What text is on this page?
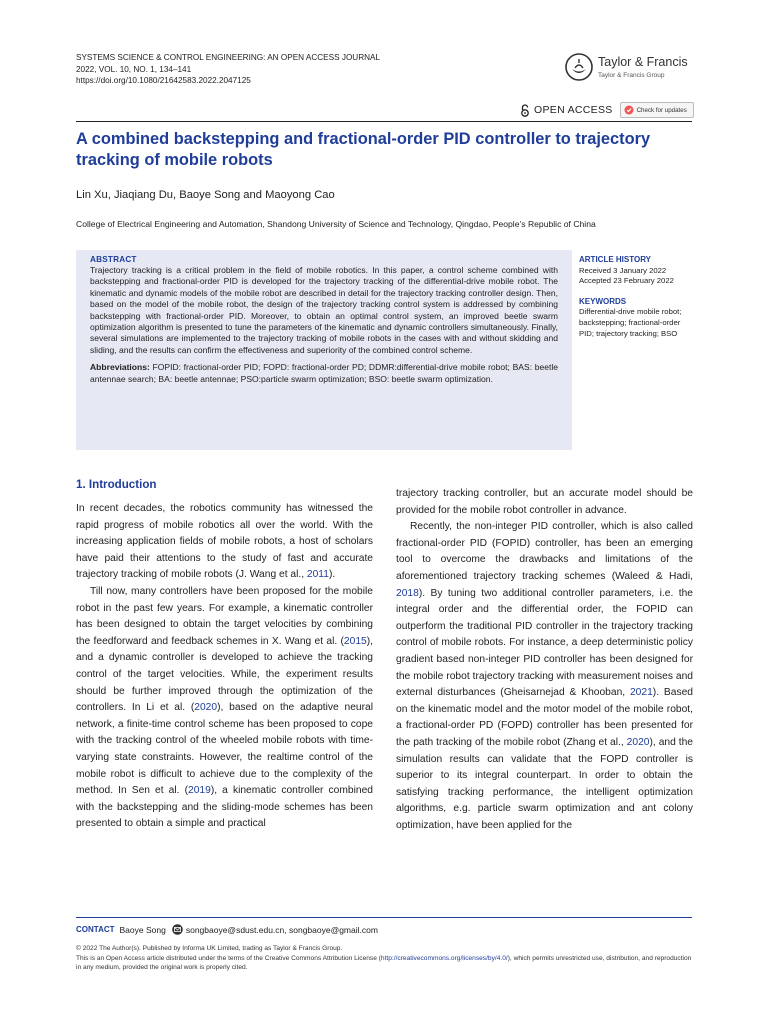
SYSTEMS SCIENCE & CONTROL ENGINEERING: AN OPEN ACCESS JOURNAL
2022, VOL. 10, NO. 1, 134–141
https://doi.org/10.1080/21642583.2022.2047125
Taylor & Francis
Taylor & Francis Group
OPEN ACCESS	Check for updates
A combined backstepping and fractional-order PID controller to trajectory tracking of mobile robots
Lin Xu, Jiaqiang Du, Baoye Song and Maoyong Cao
College of Electrical Engineering and Automation, Shandong University of Science and Technology, Qingdao, People’s Republic of China
ABSTRACT

Trajectory tracking is a critical problem in the field of mobile robotics. In this paper, a control scheme combined with backstepping and fractional-order PID is developed for the trajectory tracking of the differential-drive mobile robot. The kinematic and dynamic models of the mobile robot are described in detail for the trajectory tracking controller design. Then, based on the model of the mobile robot, the design of the trajectory tracking control system is addressed by combining backstepping with fractional-order PID. Moreover, to obtain an optimal control system, an improved beetle swarm optimization algorithm is presented to tune the parameters of the kinematic and dynamic controllers simultaneously. Finally, several simulations are implemented to the trajectory tracking of mobile robots in the cases with and without skidding and sliding, and the results can confirm the effectiveness and superiority of the combined control scheme.

Abbreviations: FOPID: fractional-order PID; FOPD: fractional-order PD; DDMR:differential-drive mobile robot; BAS: beetle antennae search; BA: beetle antennae; PSO:particle swarm optimization; BSO: beetle swarm optimization.

ARTICLE HISTORY
Received 3 January 2022
Accepted 23 February 2022
KEYWORDS
Differential-drive mobile robot; backstepping; fractional-order PID; trajectory tracking; BSO
1. Introduction

In recent decades, the robotics community has witnessed the rapid progress of mobile robotics all over the world. With the increasing application fields of mobile robots, a host of scholars have paid their attentions to the study of fast and accurate trajectory tracking of mobile robots (J. Wang et al., 2011).

Till now, many controllers have been proposed for the mobile robot in the past few years. For example, a kinematic controller has been designed to obtain the target velocities by combining the feedforward and feedback schemes in X. Wang et al. (2015), and a dynamic controller is developed to achieve the tracking control of the target velocities. While, the experiment results should be further improved through the optimization of the controllers. In Li et al. (2020), based on the adaptive neural network, a finite-time control scheme has been proposed to cope with the tracking control of the wheeled mobile robots with time-varying state constraints. However, the realtime control of the mobile robot is difficult to achieve due to the complexity of the method. In Sen et al. (2019), a kinematic controller combined with the backstepping and the sliding-mode schemes has been presented to obtain a simple and practical

trajectory tracking controller, but an accurate model should be provided for the mobile robot controller in advance.

Recently, the non-integer PID controller, which is also called fractional-order PID (FOPID) controller, has been an emerging tool to overcome the drawbacks and limitations of the aforementioned trajectory tracking schemes (Waleed & Hadi, 2018). By tuning two additional controller parameters, i.e. the integral order and the differential order, the FOPID can outperform the traditional PID controller in the trajectory tracking control of mobile robots. For instance, a deep deterministic policy gradient based non-integer PID controller has been designed for the mobile robot trajectory tracking with measurement noises and external disturbances (Gheisarnejad & Khooban, 2021). Based on the kinematic model and the motor model of the mobile robot, a fractional-order PD (FOPD) controller has been presented for the path tracking of the mobile robot (Zhang et al., 2020), and the simulation results can validate that the FOPD controller is superior to its integral counterpart. In order to obtain the satisfying tracking performance, the intelligent optimization algorithms, e.g. particle swarm optimization and ant colony optimization, have been applied for the

CONTACT Baoye Song songbaoye@sdust.edu.cn, songbaoye@gmail.com
© 2022 The Author(s). Published by Informa UK Limited, trading as Taylor & Francis Group.
This is an Open Access article distributed under the terms of the Creative Commons Attribution License (http://creativecommons.org/licenses/by/4.0/), which permits unrestricted use, distribution, and reproduction in any medium, provided the original work is properly cited.
